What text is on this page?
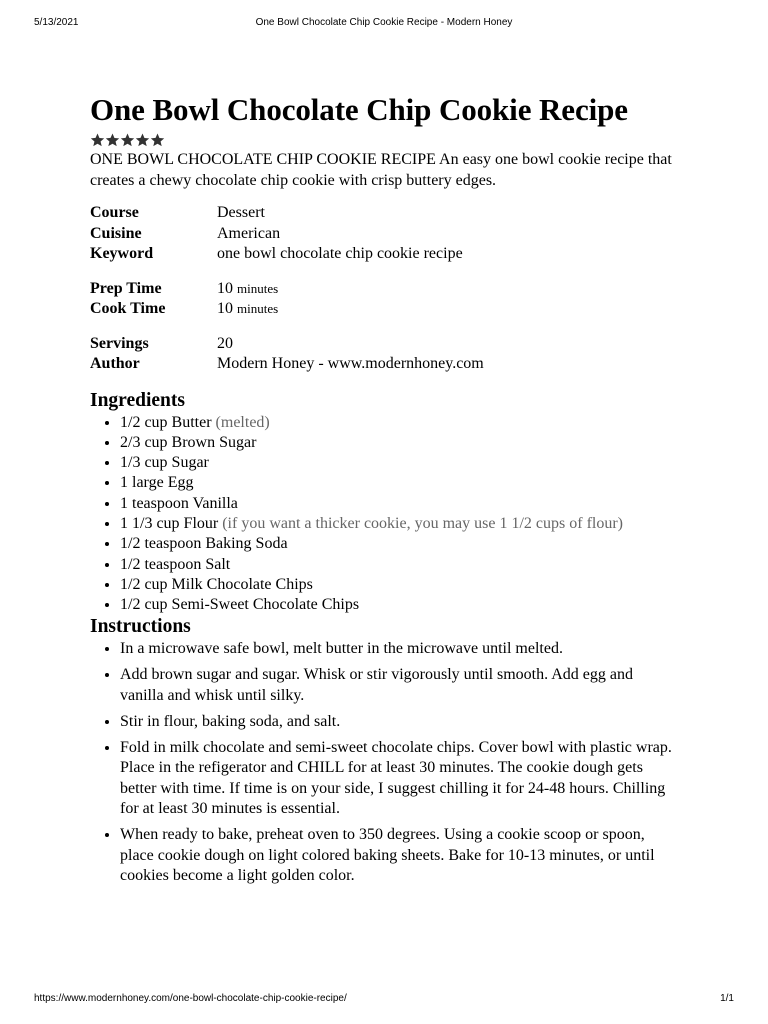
5/13/2021	One Bowl Chocolate Chip Cookie Recipe - Modern Honey
One Bowl Chocolate Chip Cookie Recipe

ONE BOWL CHOCOLATE CHIP COOKIE RECIPE An easy one bowl cookie recipe that creates a chewy chocolate chip cookie with crisp buttery edges.

Course	Dessert
Cuisine	American
Keyword	one bowl chocolate chip cookie recipe
Prep Time	10 minutes
Cook Time	10 minutes
Servings	20
Author	Modern Honey - www.modernhoney.com
Ingredients
• 1/2 cup Butter (melted)
• 2/3 cup Brown Sugar
• 1/3 cup Sugar
• 1 large Egg
• 1 teaspoon Vanilla
• 1 1/3 cup Flour (if you want a thicker cookie, you may use 1 1/2 cups of flour)
• 1/2 teaspoon Baking Soda
• 1/2 teaspoon Salt
• 1/2 cup Milk Chocolate Chips
• 1/2 cup Semi-Sweet Chocolate Chips
Instructions
• In a microwave safe bowl, melt butter in the microwave until melted.
• Add brown sugar and sugar. Whisk or stir vigorously until smooth. Add egg and vanilla and whisk until silky.
• Stir in flour, baking soda, and salt.
• Fold in milk chocolate and semi-sweet chocolate chips. Cover bowl with plastic wrap. Place in the refigerator and CHILL for at least 30 minutes. The cookie dough gets better with time. If time is on your side, I suggest chilling it for 24-48 hours. Chilling for at least 30 minutes is essential.
• When ready to bake, preheat oven to 350 degrees. Using a cookie scoop or spoon, place cookie dough on light colored baking sheets. Bake for 10-13 minutes, or until cookies become a light golden color.
https://www.modernhoney.com/one-bowl-chocolate-chip-cookie-recipe/	1/1
